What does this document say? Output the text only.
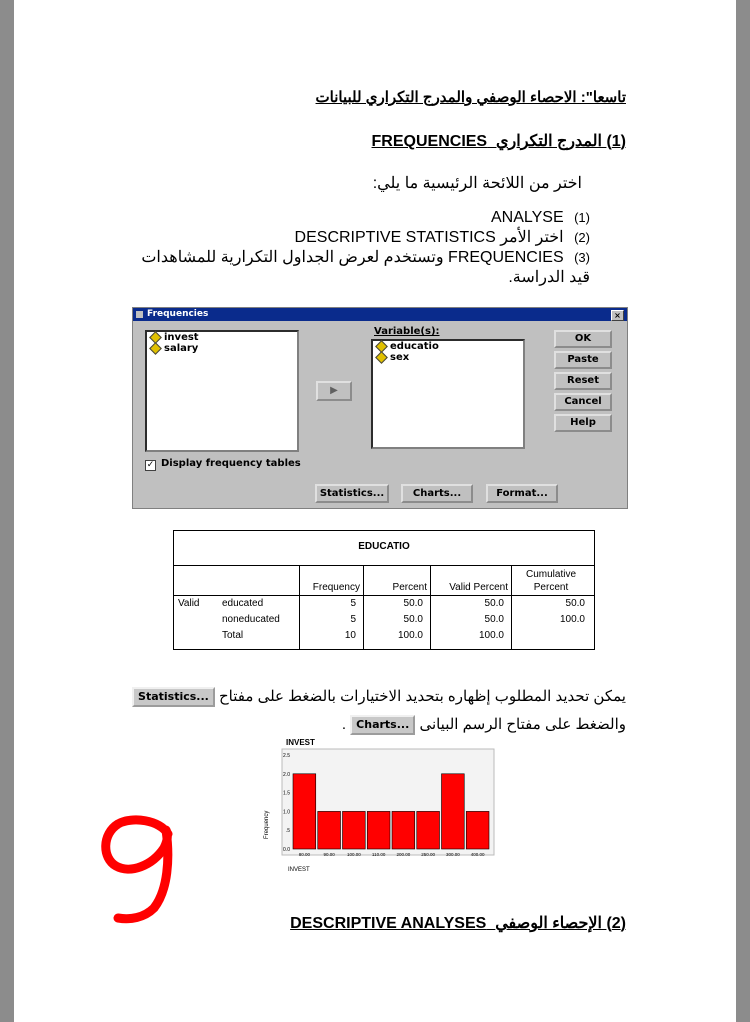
تاسعا": الاحصاء الوصفي والمدرج التكراري للبيانات
(1) المدرج التكراري  FREQUENCIES
اختر من اللائحة الرئيسية ما يلي:
(1) ANALYSE
(2) اختر الأمر DESCRIPTIVE STATISTICS
(3) FREQUENCIES وتستخدم لعرض الجداول التكرارية للمشاهدات قيد الدراسة.
Frequencies	×
invest
salary
▶
Variable(s):
educatio
sex
OK
Paste
Reset
Cancel
Help
✓ Display frequency tables
Statistics...	Charts...	Format...
EDUCATIO
Frequency	Percent	Valid Percent
Cumulative
Percent
Valid educated	5	50.0	50.0	50.0
noneducated	5	50.0	50.0	100.0
Total	10	100.0	100.0
يمكن تحديد المطلوب إظهاره بتحديد الاختيارات بالضغط على مفتاح Statistics...
والضغط على مفتاح الرسم البيانى Charts... .
INVEST
Frequency
INVEST
2.5
2.0
1.5
1.0
.5
0.0
80.00	90.00	100.00 110.00 200.00 250.00 300.00 400.00
(2) الإحصاء الوصفي  DESCRIPTIVE ANALYSES
